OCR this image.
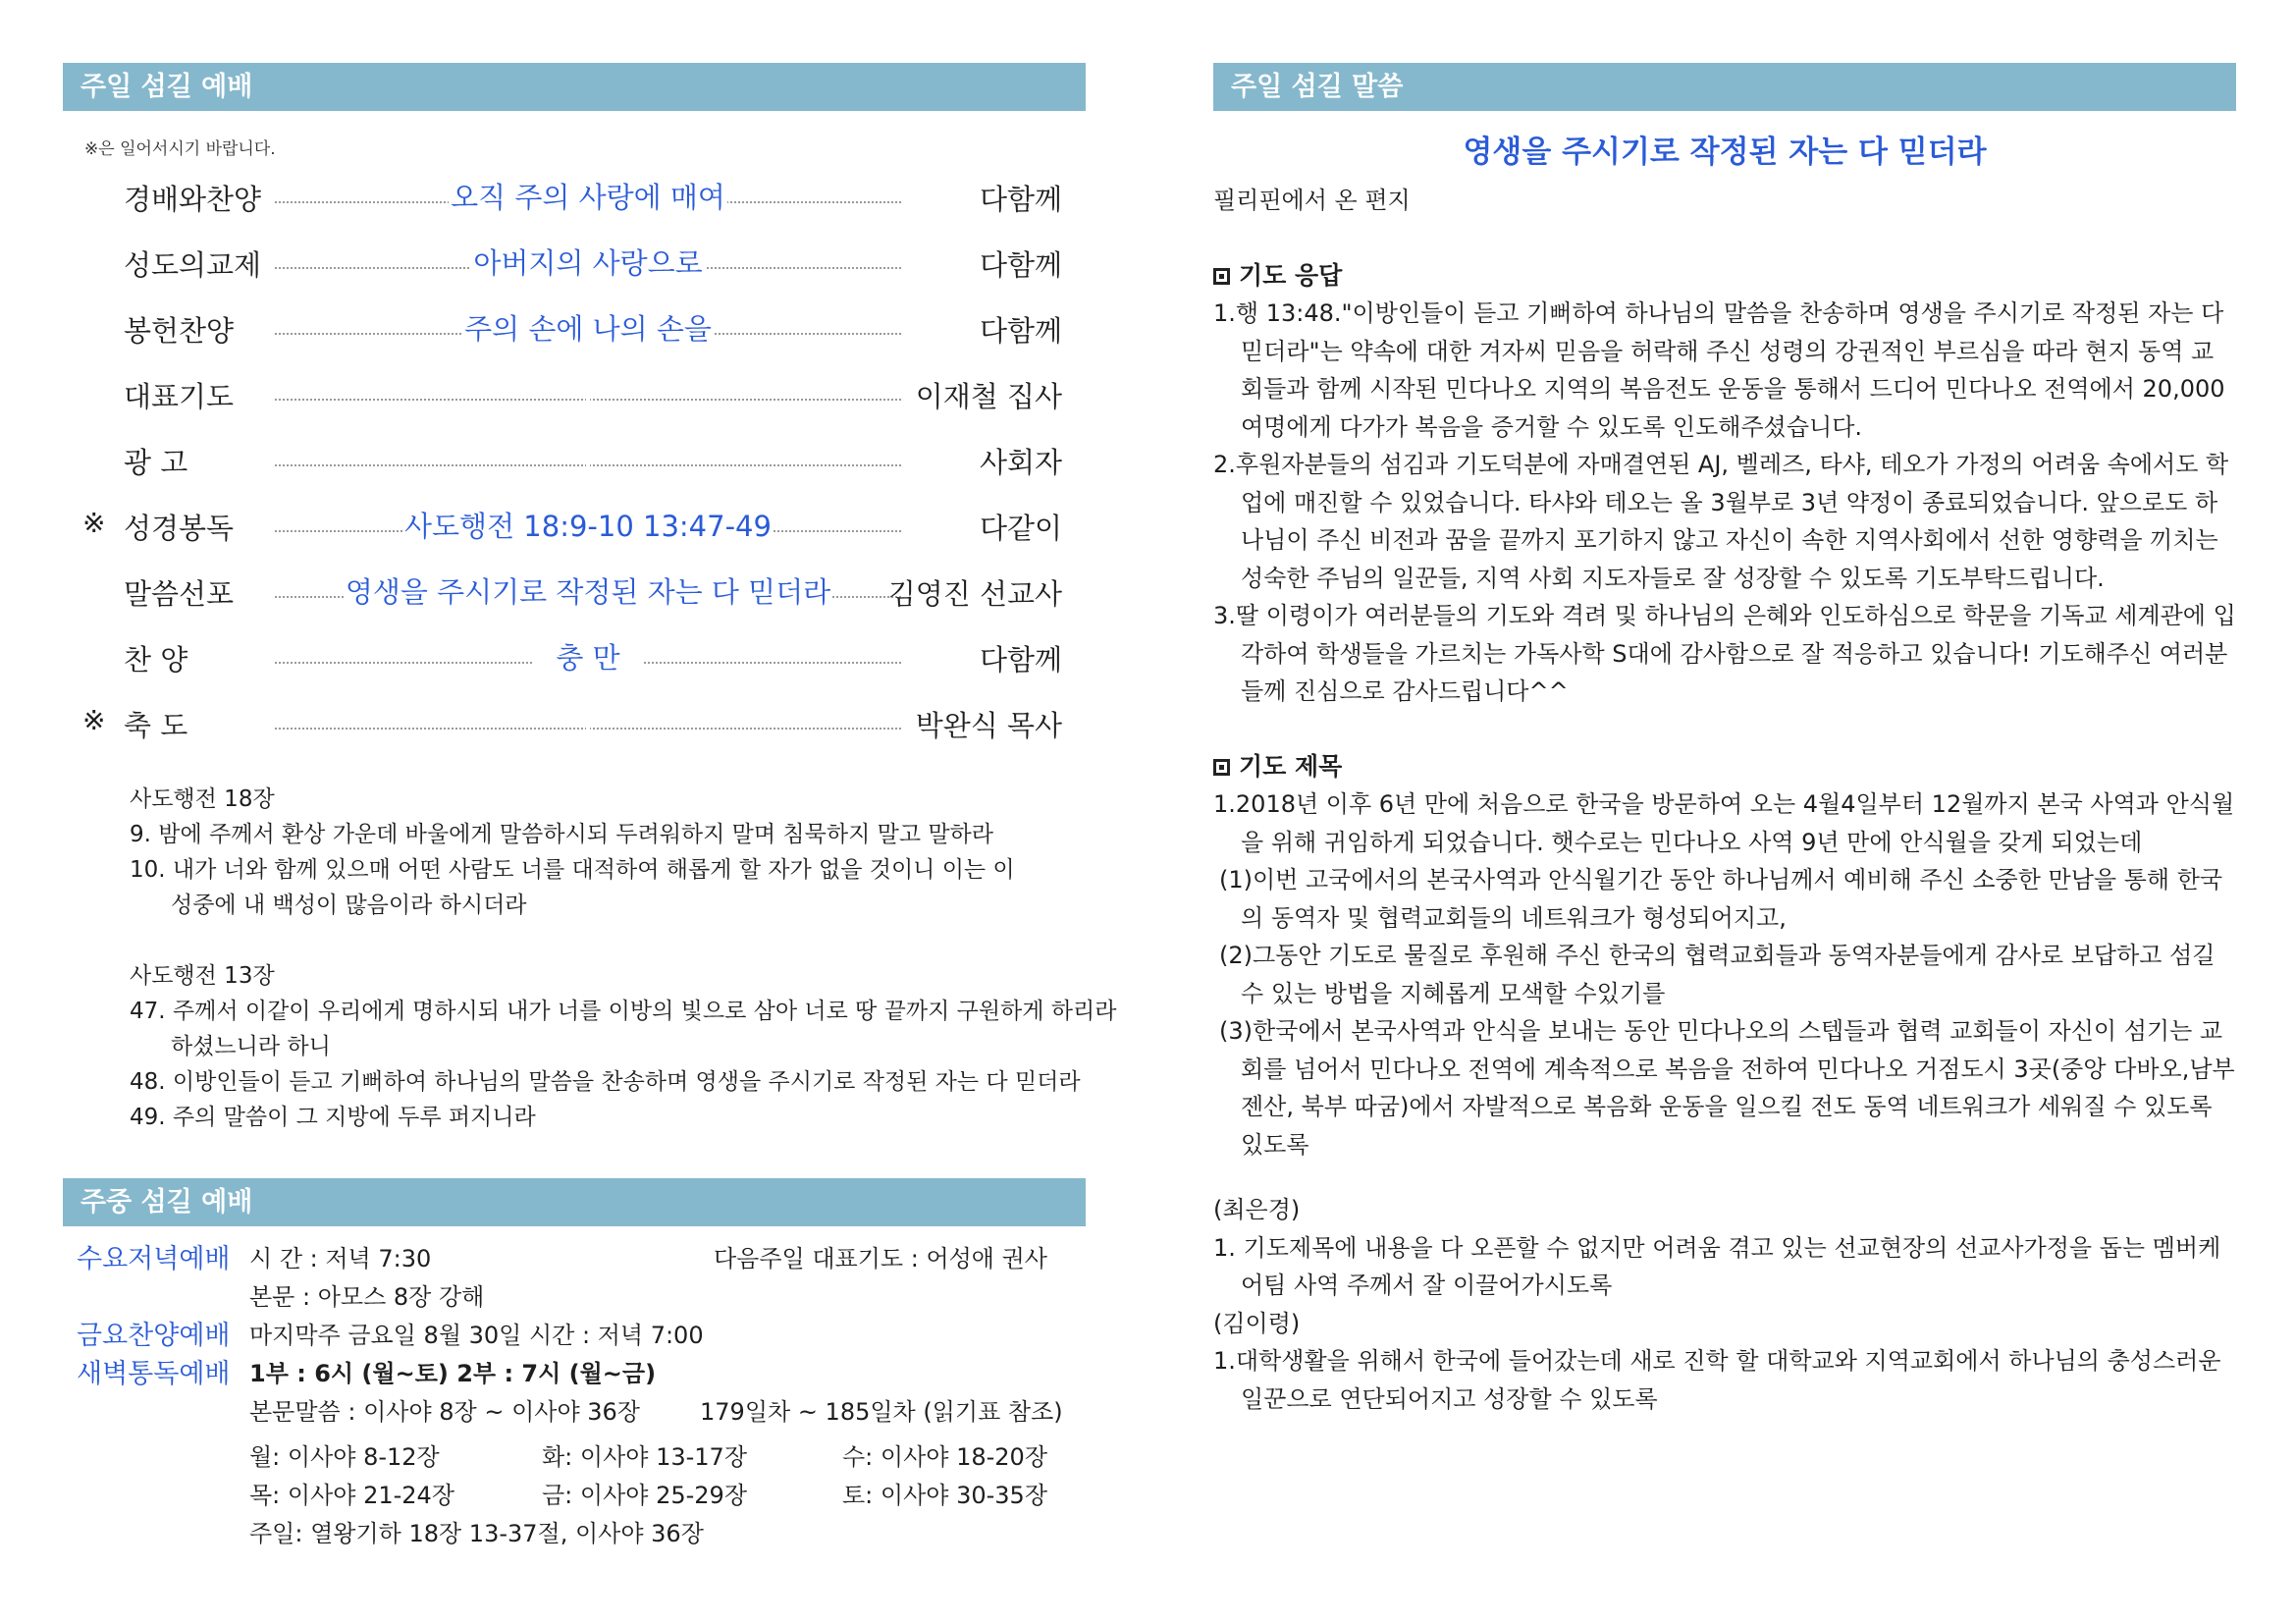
주일 섬길 예배
※은 일어서시기 바랍니다.
경배와찬양	오직 주의 사랑에 매여	다함께
성도의교제	아버지의 사랑으로	다함께
봉헌찬양	주의 손에 나의 손을	다함께
대표기도	이재철 집사
광 고	사회자
※ 성경봉독	사도행전 18:9-10 13:47-49	다같이
말씀선포	영생을 주시기로 작정된 자는 다 믿더라	김영진 선교사
찬 양	충 만	다함께
※ 축 도	박완식 목사
사도행전 18장
9. 밤에 주께서 환상 가운데 바울에게 말씀하시되 두려워하지 말며 침묵하지 말고 말하라
10. 내가 너와 함께 있으매 어떤 사람도 너를 대적하여 해롭게 할 자가 없을 것이니 이는 이 성중에 내 백성이 많음이라 하시더라
사도행전 13장
47. 주께서 이같이 우리에게 명하시되 내가 너를 이방의 빛으로 삼아 너로 땅 끝까지 구원하게 하리라 하셨느니라 하니
48. 이방인들이 듣고 기뻐하여 하나님의 말씀을 찬송하며 영생을 주시기로 작정된 자는 다 믿더라
49. 주의 말씀이 그 지방에 두루 퍼지니라
주중 섬길 예배
수요저녁예배 시 간 : 저녁 7:30	다음주일 대표기도 : 어성애 권사
본문 : 아모스 8장 강해
금요찬양예배 마지막주 금요일 8월 30일 시간 : 저녁 7:00
새벽통독예배 1부 : 6시 (월~토) 2부 : 7시 (월~금)
본문말씀 : 이사야 8장 ~ 이사야 36장        179일차 ~ 185일차 (읽기표 참조)
월: 이사야 8-12장	화: 이사야 13-17장	수: 이사야 18-20장
목: 이사야 21-24장	금: 이사야 25-29장	토: 이사야 30-35장
주일: 열왕기하 18장 13-37절, 이사야 36장
주일 섬길 말씀
영생을 주시기로 작정된 자는 다 믿더라
필리핀에서 온 편지
기도 응답
1.행 13:48."이방인들이 듣고 기뻐하여 하나님의 말씀을 찬송하며 영생을 주시기로 작정된 자는 다 믿더라"는 약속에 대한 겨자씨 믿음을 허락해 주신 성령의 강권적인 부르심을 따라 현지 동역 교회들과 함께 시작된 민다나오 지역의 복음전도 운동을 통해서 드디어 민다나오 전역에서 20,000 여명에게 다가가 복음을 증거할 수 있도록 인도해주셨습니다.
2.후원자분들의 섬김과 기도덕분에 자매결연된 AJ, 벨레즈, 타샤, 테오가 가정의 어려움 속에서도 학업에 매진할 수 있었습니다. 타샤와 테오는 올 3월부로 3년 약정이 종료되었습니다. 앞으로도 하나님이 주신 비전과 꿈을 끝까지 포기하지 않고 자신이 속한 지역사회에서 선한 영향력을 끼치는 성숙한 주님의 일꾼들, 지역 사회 지도자들로 잘 성장할 수 있도록 기도부탁드립니다.
3.딸 이령이가 여러분들의 기도와 격려 및 하나님의 은혜와 인도하심으로 학문을 기독교 세계관에 입각하여 학생들을 가르치는 가독사학 S대에 감사함으로 잘 적응하고 있습니다! 기도해주신 여러분들께 진심으로 감사드립니다^^
기도 제목
1.2018년 이후 6년 만에 처음으로 한국을 방문하여 오는 4월4일부터 12월까지 본국 사역과 안식월을 위해 귀임하게 되었습니다. 햇수로는 민다나오 사역 9년 만에 안식월을 갖게 되었는데
(1)이번 고국에서의 본국사역과 안식월기간 동안 하나님께서 예비해 주신 소중한 만남을 통해 한국의 동역자 및 협력교회들의 네트워크가 형성되어지고,
(2)그동안 기도로 물질로 후원해 주신 한국의 협력교회들과 동역자분들에게 감사로 보답하고 섬길 수 있는 방법을 지혜롭게 모색할 수있기를
(3)한국에서 본국사역과 안식을 보내는 동안 민다나오의 스텝들과 협력 교회들이 자신이 섬기는 교회를 넘어서 민다나오 전역에 계속적으로 복음을 전하여 민다나오 거점도시 3곳(중앙 다바오,남부 젠산, 북부 따굼)에서 자발적으로 복음화 운동을 일으킬 전도 동역 네트워크가 세워질 수 있도록 있도록
(최은경)
1. 기도제목에 내용을 다 오픈할 수 없지만 어려움 겪고 있는 선교현장의 선교사가정을 돕는 멤버케어팀 사역 주께서 잘 이끌어가시도록
(김이령)
1.대학생활을 위해서 한국에 들어갔는데 새로 진학 할 대학교와 지역교회에서 하나님의 충성스러운 일꾼으로 연단되어지고 성장할 수 있도록
